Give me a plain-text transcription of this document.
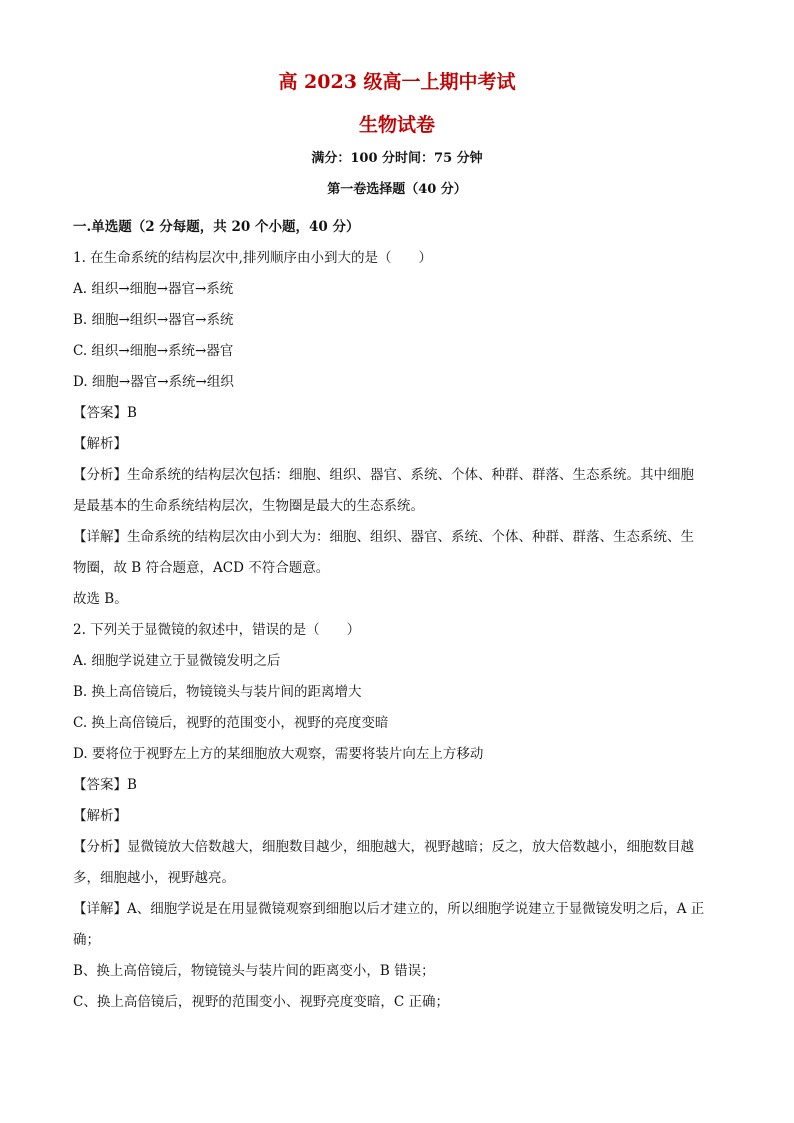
高 2023 级高一上期中考试
生物试卷
满分：100 分时间：75 分钟
第一卷选择题（40 分）
一.单选题（2 分每题，共 20 个小题，40 分）
1. 在生命系统的结构层次中,排列顺序由小到大的是（　　）
A. 组织→细胞→器官→系统
B. 细胞→组织→器官→系统
C. 组织→细胞→系统→器官
D. 细胞→器官→系统→组织
【答案】B
【解析】
【分析】生命系统的结构层次包括：细胞、组织、器官、系统、个体、种群、群落、生态系统。其中细胞
是最基本的生命系统结构层次，生物圈是最大的生态系统。
【详解】生命系统的结构层次由小到大为：细胞、组织、器官、系统、个体、种群、群落、生态系统、生
物圈，故 B 符合题意，ACD 不符合题意。
故选 B。
2. 下列关于显微镜的叙述中，错误的是（　　）
A. 细胞学说建立于显微镜发明之后
B. 换上高倍镜后，物镜镜头与装片间的距离增大
C. 换上高倍镜后，视野的范围变小，视野的亮度变暗
D. 要将位于视野左上方的某细胞放大观察，需要将装片向左上方移动
【答案】B
【解析】
【分析】显微镜放大倍数越大，细胞数目越少，细胞越大，视野越暗；反之，放大倍数越小，细胞数目越
多，细胞越小，视野越亮。
【详解】A、细胞学说是在用显微镜观察到细胞以后才建立的，所以细胞学说建立于显微镜发明之后，A 正
确；
B、换上高倍镜后，物镜镜头与装片间的距离变小，B 错误；
C、换上高倍镜后，视野的范围变小、视野亮度变暗，C 正确；
